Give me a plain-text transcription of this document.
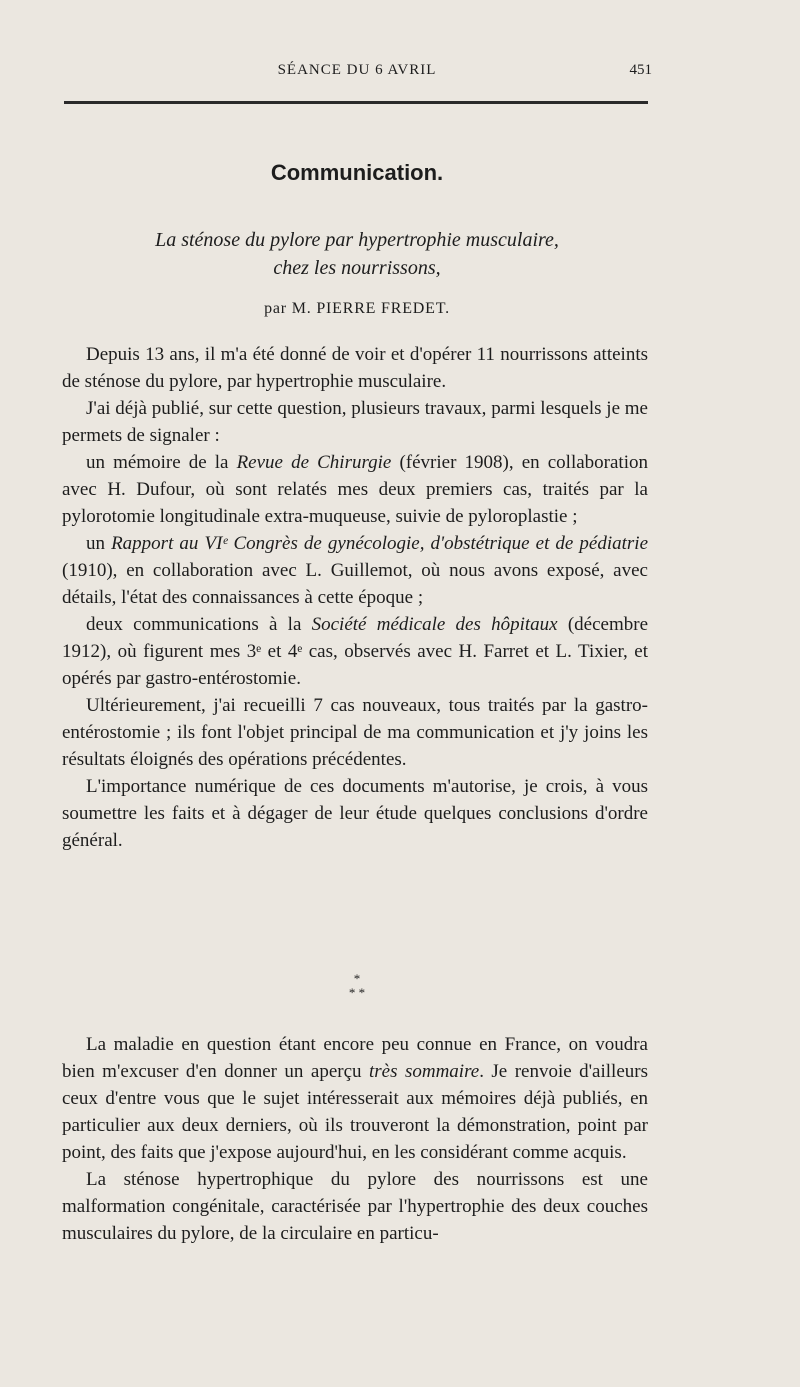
SÉANCE DU 6 AVRIL	451
Communication.
La sténose du pylore par hypertrophie musculaire,
chez les nourrissons,
par M. PIERRE FREDET.

Depuis 13 ans, il m'a été donné de voir et d'opérer 11 nourrissons atteints de sténose du pylore, par hypertrophie musculaire.

J'ai déjà publié, sur cette question, plusieurs travaux, parmi lesquels je me permets de signaler :

un mémoire de la Revue de Chirurgie (février 1908), en collaboration avec H. Dufour, où sont relatés mes deux premiers cas, traités par la pylorotomie longitudinale extra-muqueuse, suivie de pyloroplastie ;

un Rapport au VIᵉ Congrès de gynécologie, d'obstétrique et de pédiatrie (1910), en collaboration avec L. Guillemot, où nous avons exposé, avec détails, l'état des connaissances à cette époque ;

deux communications à la Société médicale des hôpitaux (décembre 1912), où figurent mes 3ᵉ et 4ᵉ cas, observés avec H. Farret et L. Tixier, et opérés par gastro-entérostomie.

Ultérieurement, j'ai recueilli 7 cas nouveaux, tous traités par la gastro-entérostomie ; ils font l'objet principal de ma communication et j'y joins les résultats éloignés des opérations précédentes.

L'importance numérique de ces documents m'autorise, je crois, à vous soumettre les faits et à dégager de leur étude quelques conclusions d'ordre général.

*
* *

La maladie en question étant encore peu connue en France, on voudra bien m'excuser d'en donner un aperçu très sommaire. Je renvoie d'ailleurs ceux d'entre vous que le sujet intéresserait aux mémoires déjà publiés, en particulier aux deux derniers, où ils trouveront la démonstration, point par point, des faits que j'expose aujourd'hui, en les considérant comme acquis.

La sténose hypertrophique du pylore des nourrissons est une malformation congénitale, caractérisée par l'hypertrophie des deux couches musculaires du pylore, de la circulaire en particu-
